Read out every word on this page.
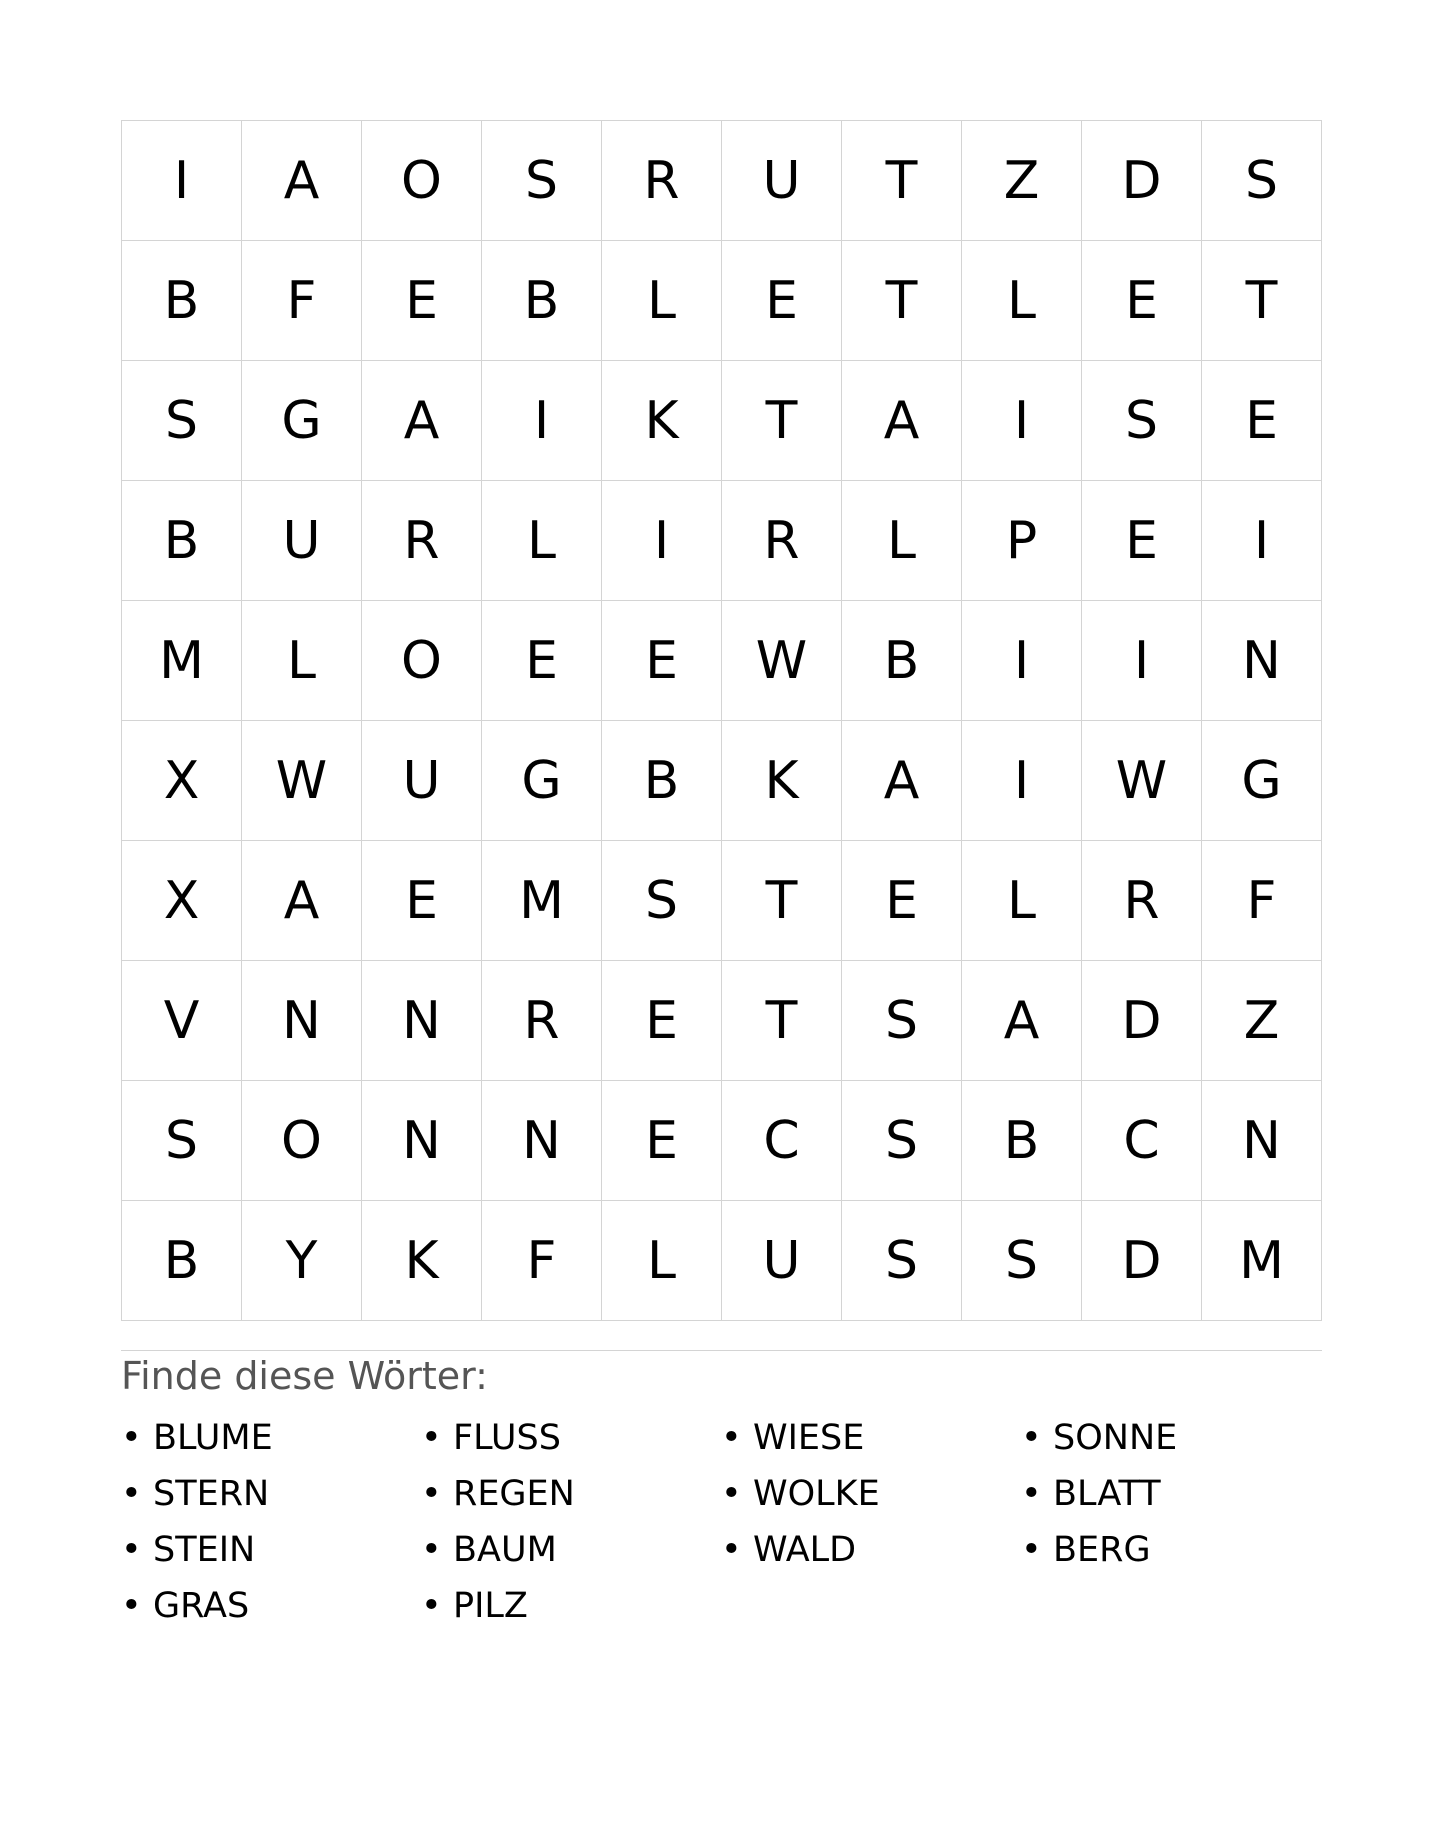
I	A	O	S	R	U	T	Z	D	S
B	F	E	B	L	E	T	L	E	T
S	G	A	I	K	T	A	I	S	E
B	U	R	L	I	R	L	P	E	I
M	L	O	E	E	W	B	I	I	N
X	W	U	G	B	K	A	I	W	G
X	A	E	M	S	T	E	L	R	F
V	N	N	R	E	T	S	A	D	Z
S	O	N	N	E	C	S	B	C	N
B	Y	K	F	L	U	S	S	D	M
Finde diese Wörter:
• BLUME	• FLUSS	• WIESE	• SONNE
• STERN	• REGEN	• WOLKE	• BLATT
• STEIN	• BAUM	• WALD	• BERG
• GRAS	• PILZ
